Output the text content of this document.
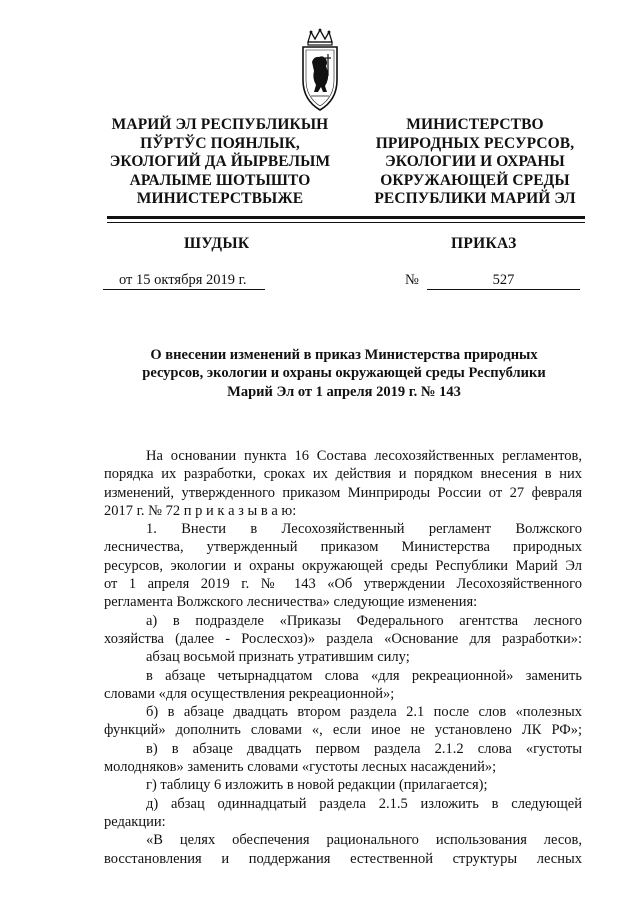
МАРИЙ ЭЛ РЕСПУБЛИКЫН
ПЎРТЎС ПОЯНЛЫК,
ЭКОЛОГИЙ ДА ЙЫРВЕЛЫМ
АРАЛЫМЕ ШОТЫШТО
МИНИСТЕРСТВЫЖЕ
МИНИСТЕРСТВО
ПРИРОДНЫХ РЕСУРСОВ,
ЭКОЛОГИИ И ОХРАНЫ
ОКРУЖАЮЩЕЙ СРЕДЫ
РЕСПУБЛИКИ МАРИЙ ЭЛ
ШУДЫК	ПРИКАЗ
от 15 октября 2019 г.	№	527
О внесении изменений в приказ Министерства природных
ресурсов, экологии и охраны окружающей среды Республики
Марий Эл от 1 апреля 2019 г. № 143
На основании пункта 16 Состава лесохозяйственных регламентов,
порядка их разработки, сроках их действия и порядком внесения в них
изменений, утвержденного приказом Минприроды России от 27 февраля
2017 г. № 72 п р и к а з ы в а ю:
1. Внести в Лесохозяйственный регламент Волжского
лесничества, утвержденный приказом Министерства природных
ресурсов, экологии и охраны окружающей среды Республики Марий Эл
от 1 апреля 2019 г. № 143 «Об утверждении Лесохозяйственного
регламента Волжского лесничества» следующие изменения:
а) в подразделе «Приказы Федерального агентства лесного
хозяйства (далее - Рослесхоз)» раздела «Основание для разработки»:
абзац восьмой признать утратившим силу;
в абзаце четырнадцатом слова «для рекреационной» заменить
словами «для осуществления рекреационной»;
б) в абзаце двадцать втором раздела 2.1 после слов «полезных
функций» дополнить словами «, если иное не установлено ЛК РФ»;
в) в абзаце двадцать первом раздела 2.1.2 слова «густоты
молодняков» заменить словами «густоты лесных насаждений»;
г) таблицу 6 изложить в новой редакции (прилагается);
д) абзац одиннадцатый раздела 2.1.5 изложить в следующей
редакции:
«В целях обеспечения рационального использования лесов,
восстановления и поддержания естественной структуры лесных
